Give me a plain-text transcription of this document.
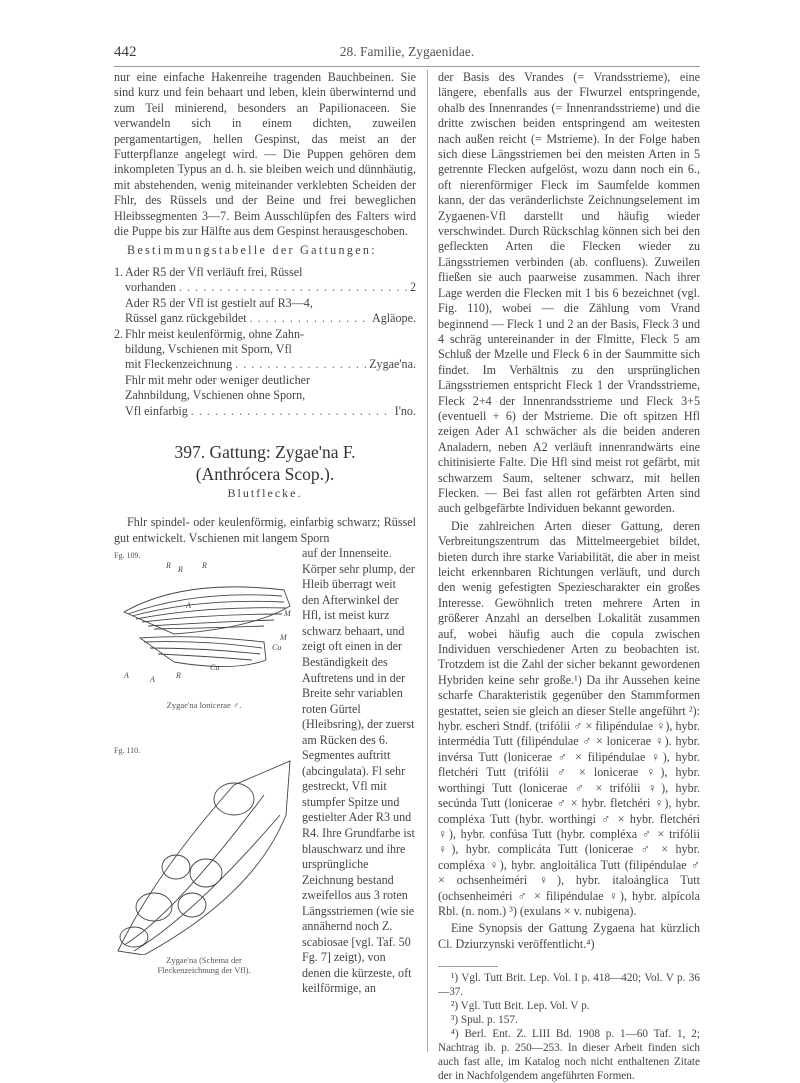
442	28. Familie, Zygaenidae.

nur eine einfache Hakenreihe tragenden Bauchbeinen. Sie sind kurz und fein behaart und leben, klein überwinternd und zum Teil minierend, besonders an Papilionaceen. Sie verwandeln sich in einem dichten, zuweilen pergamentartigen, hellen Gespinst, das meist an der Futterpflanze angelegt wird. — Die Puppen gehören dem inkompleten Typus an d. h. sie bleiben weich und dünnhäutig, mit abstehenden, wenig miteinander verklebten Scheiden der Fhlr, des Rüssels und der Beine und frei beweglichen Hleibssegmenten 3—7. Beim Ausschlüpfen des Falters wird die Puppe bis zur Hälfte aus dem Gespinst herausgeschoben.

Bestimmungstabelle der Gattungen:

1. Ader R5 der Vfl verläuft frei, Rüssel
vorhanden . . .	2
Ader R5 der Vfl ist gestielt auf R3—4,
Rüssel ganz rückgebildet . . .	Agläope.
2. Fhlr meist keulenförmig, ohne Zahn-
bildung, Vschienen mit Sporn, Vfl
mit Fleckenzeichnung . . .	Zygae'na.
Fhlr mit mehr oder weniger deutlicher
Zahnbildung, Vschienen ohne Sporn,
Vfl einfarbig . . .	I'no.
397. Gattung: Zygae'na F.
(Anthrócera Scop.).
Blutflecke.

Fhlr spindel- oder keulenförmig, einfarbig schwarz; Rüssel gut entwickelt. Vschienen mit langem Sporn

auf der Innenseite. Körper sehr plump, der Hleib überragt weit den Afterwinkel der Hfl, ist meist kurz schwarz behaart, und zeigt oft einen in der Beständigkeit des Auftretens und in der Breite sehr variablen roten Gürtel (Hleibsring), der zuerst am Rücken des 6. Segmentes auftritt (abcingulata). Fl sehr gestreckt, Vfl mit stumpfer Spitze und gestielter Ader R3 und R4. Ihre Grundfarbe ist blauschwarz und ihre ursprüngliche Zeichnung bestand zweifellos aus 3 roten Längsstriemen (wie sie annähernd noch Z. scabiosae [vgl. Taf. 50 Fg. 7] zeigt), von denen die kürzeste, oft keilförmige, an
Fg. 109.
R R R
M
M
Cu
A	A	R
Cu
A
Zygae'na lonicerae ♂.
Fg. 110.
Zygae'na (Schema der
Fleckenzeichnung der Vfl).

der Basis des Vrandes (= Vrandsstrieme), eine längere, ebenfalls aus der Flwurzel entspringende, ohalb des Innenrandes (= Innenrandsstrieme) und die dritte zwischen beiden entspringend am weitesten nach außen reicht (= Mstrieme). In der Folge haben sich diese Längsstriemen bei den meisten Arten in 5 getrennte Flecken aufgelöst, wozu dann noch ein 6., oft nierenförmiger Fleck im Saumfelde kommen kann, der das veränderlichste Zeichnungselement im Zygaenen-Vfl darstellt und häufig wieder verschwindet. Durch Rückschlag können sich bei den gefleckten Arten die Flecken wieder zu Längsstriemen verbinden (ab. confluens). Zuweilen fließen sie auch paarweise zusammen. Nach ihrer Lage werden die Flecken mit 1 bis 6 bezeichnet (vgl. Fig. 110), wobei — die Zählung vom Vrand beginnend — Fleck 1 und 2 an der Basis, Fleck 3 und 4 schräg untereinander in der Flmitte, Fleck 5 am Schluß der Mzelle und Fleck 6 in der Saummitte sich findet. Im Verhältnis zu den ursprünglichen Längsstriemen entspricht Fleck 1 der Vrandsstrieme, Fleck 2+4 der Innenrandsstrieme und Fleck 3+5 (eventuell + 6) der Mstrieme. Die oft spitzen Hfl zeigen Ader A1 schwächer als die beiden anderen Analadern, neben A2 verläuft innenrandwärts eine chitinisierte Falte. Die Hfl sind meist rot gefärbt, mit schwarzem Saum, seltener schwarz, mit hellen Flecken. — Bei fast allen rot gefärbten Arten sind auch gelbgefärbte Individuen bekannt geworden.

Die zahlreichen Arten dieser Gattung, deren Verbreitungszentrum das Mittelmeergebiet bildet, bieten durch ihre starke Variabilität, die aber in meist leicht erkennbaren Richtungen verläuft, und durch den wenig gefestigten Speziescharakter ein großes Interesse. Gewöhnlich treten mehrere Arten in größerer Anzahl an derselben Lokalität zusammen auf, wobei häufig auch die copula zwischen Individuen verschiedener Arten zu beobachten ist. Trotzdem ist die Zahl der sicher bekannt gewordenen Hybriden keine sehr große.¹) Da ihr Aussehen keine scharfe Charakteristik gegenüber den Stammformen gestattet, seien sie gleich an dieser Stelle angeführt ²): hybr. escheri Stndf. (trifólii ♂ × filipéndulae ♀), hybr. intermédia Tutt (filipéndulae ♂ × lonicerae ♀). hybr. invérsa Tutt (lonicerae ♂ × filipéndulae ♀), hybr. fletchéri Tutt (trifólii ♂ × lonicerae ♀), hybr. worthingi Tutt (lonicerae ♂ × trifólii ♀), hybr. secúnda Tutt (lonicerae ♂ × hybr. fletchéri ♀), hybr. compléxa Tutt (hybr. worthingi ♂ × hybr. fletchéri ♀), hybr. confúsa Tutt (hybr. compléxa ♂ × trifólii ♀), hybr. complicáta Tutt (lonicerae ♂ × hybr. compléxa ♀), hybr. angloitálica Tutt (filipéndulae ♂ × ochsenheiméri ♀), hybr. italoánglica Tutt (ochsenheiméri ♂ × filipéndulae ♀), hybr. alpícola Rbl. (n. nom.) ³) (exulans × v. nubigena).

Eine Synopsis der Gattung Zygaena hat kürzlich Cl. Dziurzynski veröffentlicht.⁴)

¹) Vgl. Tutt Brit. Lep. Vol. I p. 418—420; Vol. V p. 36—37.

²) Vgl. Tutt Brit. Lep. Vol. V p.

³) Spul. p. 157.

⁴) Berl. Ent. Z. LIII Bd. 1908 p. 1—60 Taf. 1, 2; Nachtrag ib. p. 250—253. In dieser Arbeit finden sich auch fast alle, im Katalog noch nicht enthaltenen Zitate der in Nachfolgendem angeführten Formen.
